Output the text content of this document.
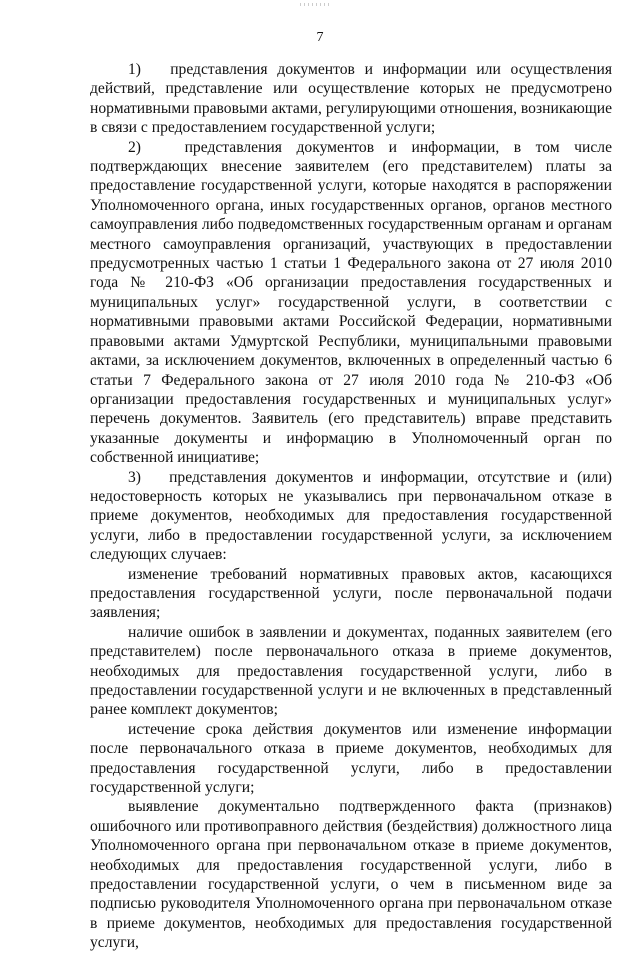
7

1)   представления документов и информации или осуществления действий, представление или осуществление которых не предусмотрено нормативными правовыми актами, регулирующими отношения, возникающие в связи с предоставлением государственной услуги;

2)   представления документов и информации, в том числе подтверждающих внесение заявителем (его представителем) платы за предоставление государственной услуги, которые находятся в распоряжении Уполномоченного органа, иных государственных органов, органов местного самоуправления либо подведомственных государственным органам и органам местного самоуправления организаций, участвующих в предоставлении предусмотренных частью 1 статьи 1 Федерального закона от 27 июля 2010 года № 210-ФЗ «Об организации предоставления государственных и муниципальных услуг» государственной услуги, в соответствии с нормативными правовыми актами Российской Федерации, нормативными правовыми актами Удмуртской Республики, муниципальными правовыми актами, за исключением документов, включенных в определенный частью 6 статьи 7 Федерального закона от 27 июля 2010 года № 210-ФЗ «Об организации предоставления государственных и муниципальных услуг» перечень документов. Заявитель (его представитель) вправе представить указанные документы и информацию в Уполномоченный орган по собственной инициативе;

3)   представления документов и информации, отсутствие и (или) недостоверность которых не указывались при первоначальном отказе в приеме документов, необходимых для предоставления государственной услуги, либо в предоставлении государственной услуги, за исключением следующих случаев:

изменение требований нормативных правовых актов, касающихся предоставления государственной услуги, после первоначальной подачи заявления;

наличие ошибок в заявлении и документах, поданных заявителем (его представителем) после первоначального отказа в приеме документов, необходимых для предоставления государственной услуги, либо в предоставлении государственной услуги и не включенных в представленный ранее комплект документов;

истечение срока действия документов или изменение информации после первоначального отказа в приеме документов, необходимых для предоставления государственной услуги, либо в предоставлении государственной услуги;

выявление документально подтвержденного факта (признаков) ошибочного или противоправного действия (бездействия) должностного лица Уполномоченного органа при первоначальном отказе в приеме документов, необходимых для предоставления государственной услуги, либо в предоставлении государственной услуги, о чем в письменном виде за подписью руководителя Уполномоченного органа при первоначальном отказе в приеме документов, необходимых для предоставления государственной услуги,
